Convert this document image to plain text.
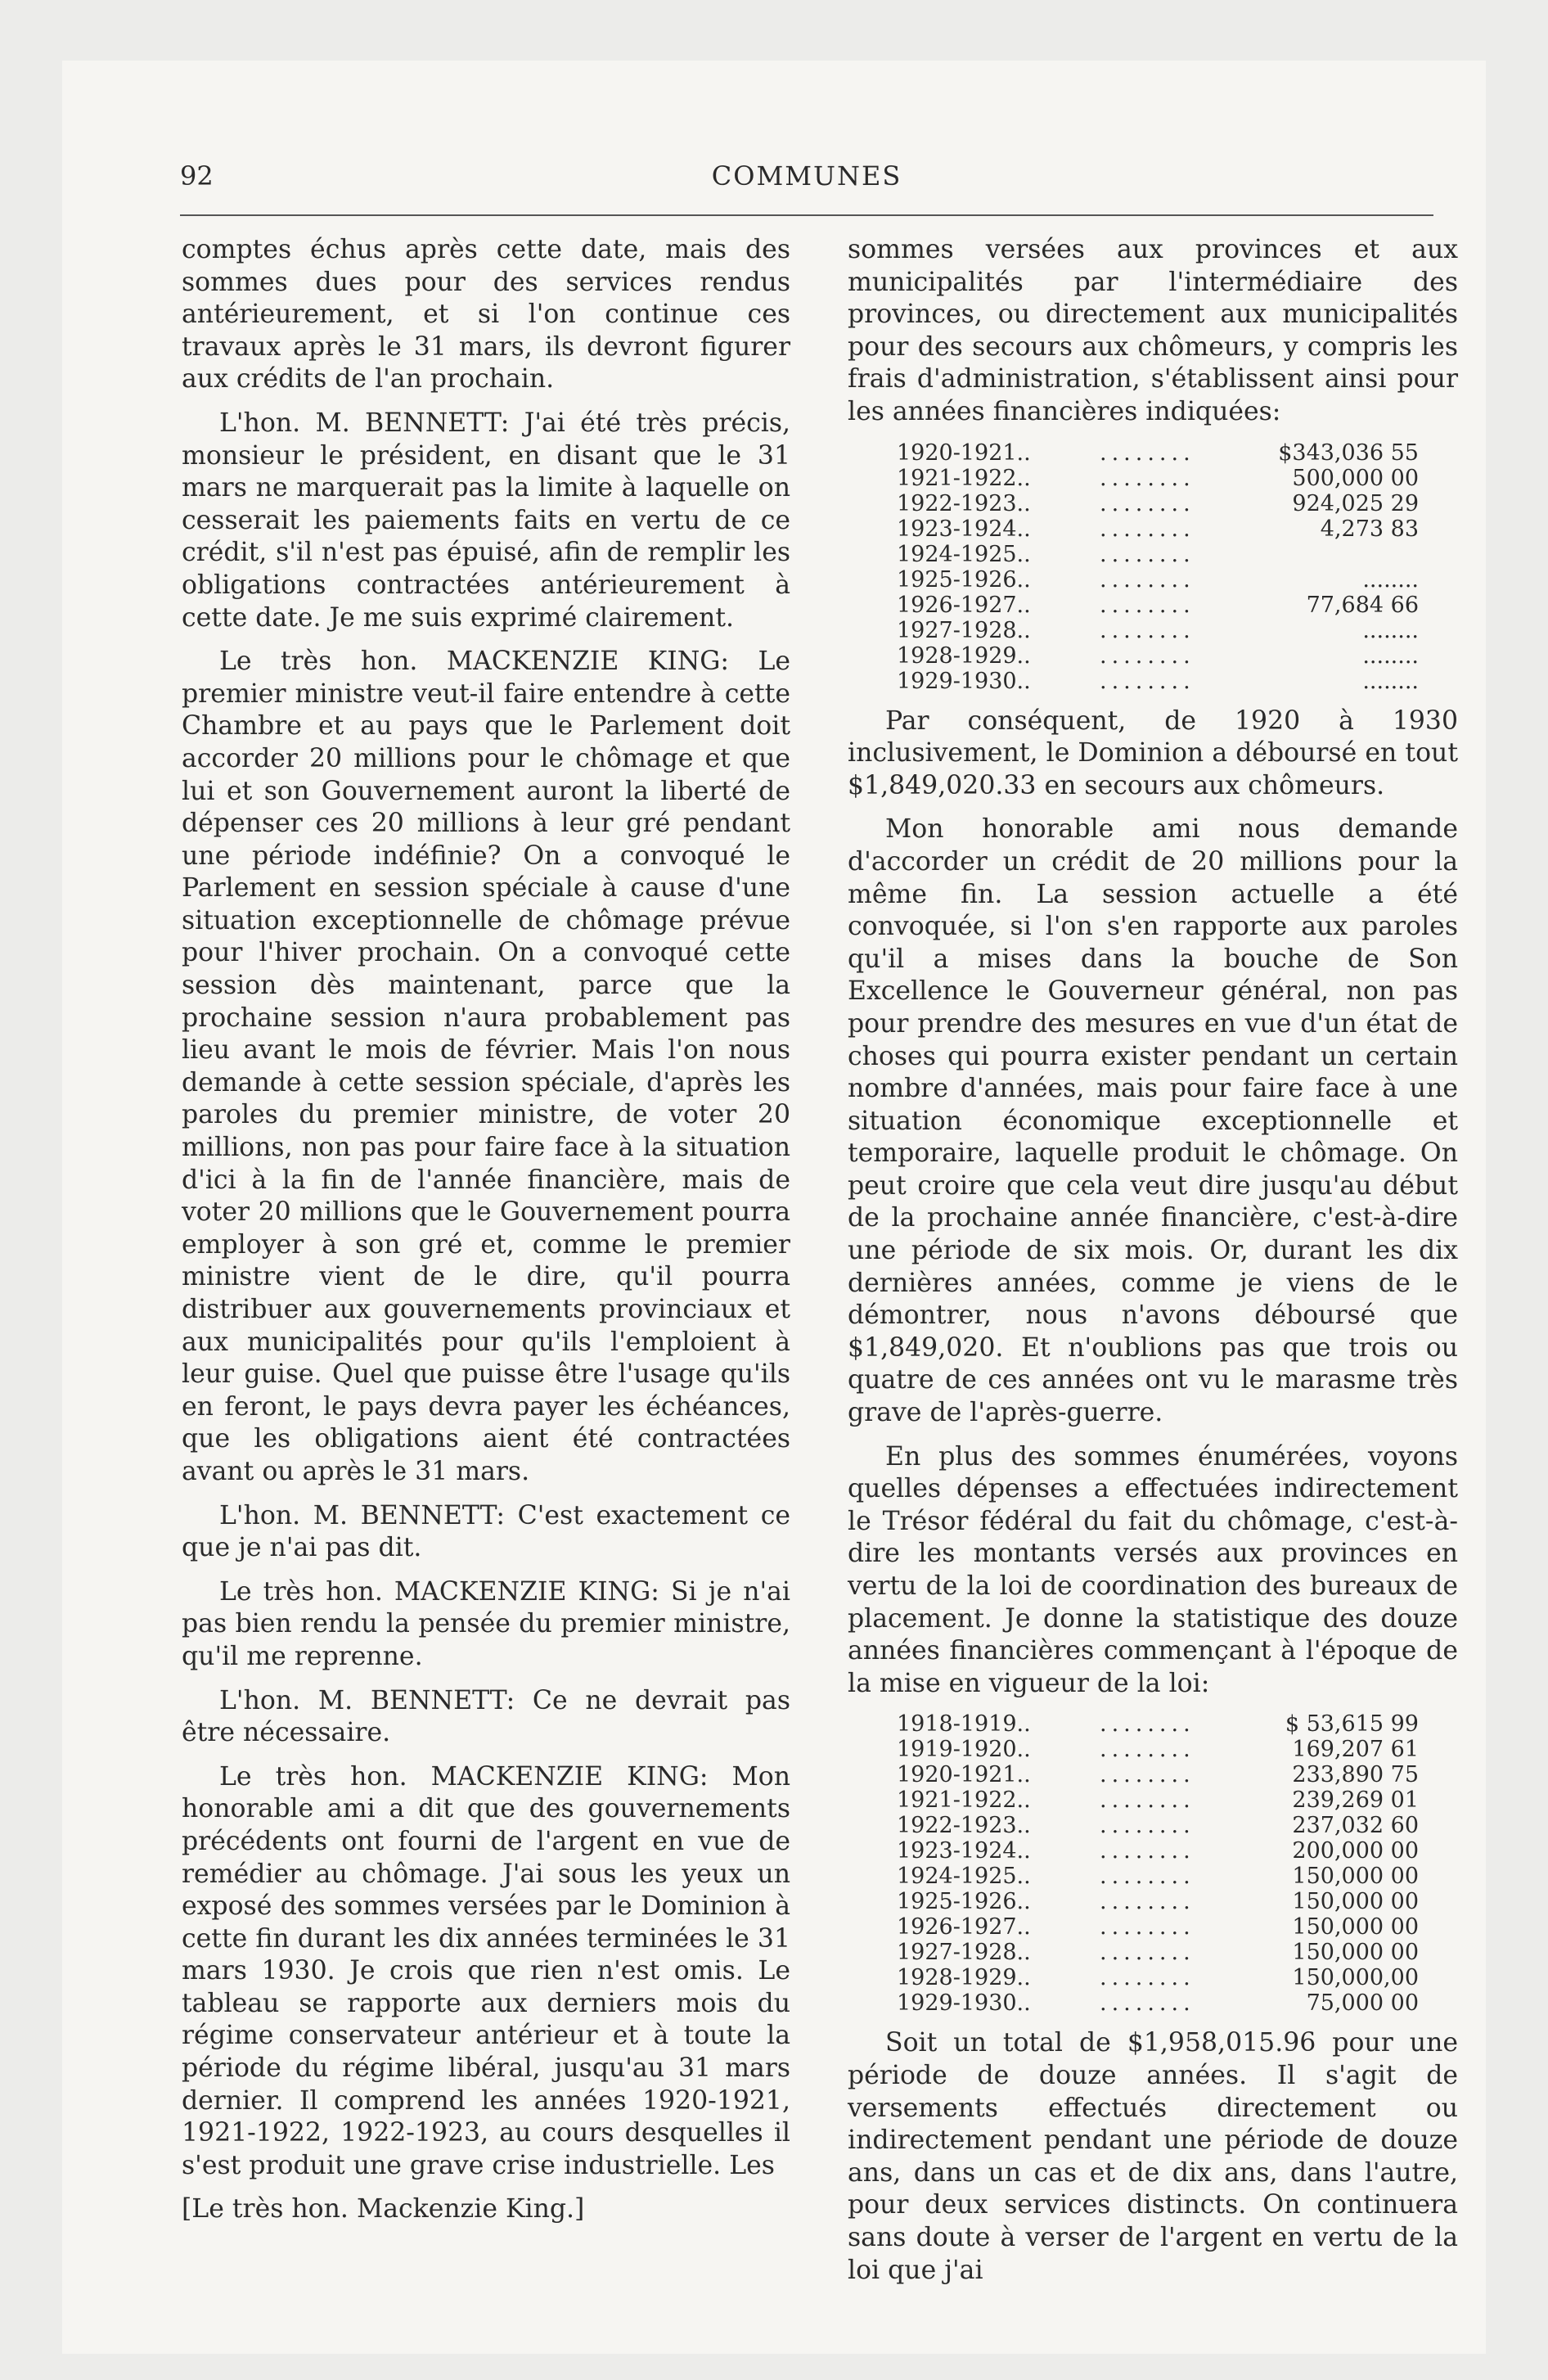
92	COMMUNES

comptes échus après cette date, mais des sommes dues pour des services rendus antérieurement, et si l'on continue ces travaux après le 31 mars, ils devront figurer aux crédits de l'an prochain.

L'hon. M. BENNETT: J'ai été très précis, monsieur le président, en disant que le 31 mars ne marquerait pas la limite à laquelle on cesserait les paiements faits en vertu de ce crédit, s'il n'est pas épuisé, afin de remplir les obligations contractées antérieurement à cette date. Je me suis exprimé clairement.

Le très hon. MACKENZIE KING: Le premier ministre veut-il faire entendre à cette Chambre et au pays que le Parlement doit accorder 20 millions pour le chômage et que lui et son Gouvernement auront la liberté de dépenser ces 20 millions à leur gré pendant une période indéfinie? On a convoqué le Parlement en session spéciale à cause d'une situation exceptionnelle de chômage prévue pour l'hiver prochain. On a convoqué cette session dès maintenant, parce que la prochaine session n'aura probablement pas lieu avant le mois de février. Mais l'on nous demande à cette session spéciale, d'après les paroles du premier ministre, de voter 20 millions, non pas pour faire face à la situation d'ici à la fin de l'année financière, mais de voter 20 millions que le Gouvernement pourra employer à son gré et, comme le premier ministre vient de le dire, qu'il pourra distribuer aux gouvernements provinciaux et aux municipalités pour qu'ils l'emploient à leur guise. Quel que puisse être l'usage qu'ils en feront, le pays devra payer les échéances, que les obligations aient été contractées avant ou après le 31 mars.

L'hon. M. BENNETT: C'est exactement ce que je n'ai pas dit.

Le très hon. MACKENZIE KING: Si je n'ai pas bien rendu la pensée du premier ministre, qu'il me reprenne.

L'hon. M. BENNETT: Ce ne devrait pas être nécessaire.

Le très hon. MACKENZIE KING: Mon honorable ami a dit que des gouvernements précédents ont fourni de l'argent en vue de remédier au chômage. J'ai sous les yeux un exposé des sommes versées par le Dominion à cette fin durant les dix années terminées le 31 mars 1930. Je crois que rien n'est omis. Le tableau se rapporte aux derniers mois du régime conservateur antérieur et à toute la période du régime libéral, jusqu'au 31 mars dernier. Il comprend les années 1920-1921, 1921-1922, 1922-1923, au cours desquelles il s'est produit une grave crise industrielle. Les

[Le très hon. Mackenzie King.]

sommes versées aux provinces et aux municipalités par l'intermédiaire des provinces, ou directement aux municipalités pour des secours aux chômeurs, y compris les frais d'administration, s'établissent ainsi pour les années financières indiquées:

1920-1921..	........	$343,036 55
1921-1922..	........	500,000 00
1922-1923..	........	924,025 29
1923-1924..	........	4,273 83
1924-1925..	........	
1925-1926..	........	........
1926-1927..	........	77,684 66
1927-1928..	........	........
1928-1929..	........	........
1929-1930..	........	........

Par conséquent, de 1920 à 1930 inclusivement, le Dominion a déboursé en tout $1,849,020.33 en secours aux chômeurs.

Mon honorable ami nous demande d'accorder un crédit de 20 millions pour la même fin. La session actuelle a été convoquée, si l'on s'en rapporte aux paroles qu'il a mises dans la bouche de Son Excellence le Gouverneur général, non pas pour prendre des mesures en vue d'un état de choses qui pourra exister pendant un certain nombre d'années, mais pour faire face à une situation économique exceptionnelle et temporaire, laquelle produit le chômage. On peut croire que cela veut dire jusqu'au début de la prochaine année financière, c'est-à-dire une période de six mois. Or, durant les dix dernières années, comme je viens de le démontrer, nous n'avons déboursé que $1,849,020. Et n'oublions pas que trois ou quatre de ces années ont vu le marasme très grave de l'après-guerre.

En plus des sommes énumérées, voyons quelles dépenses a effectuées indirectement le Trésor fédéral du fait du chômage, c'est-à-dire les montants versés aux provinces en vertu de la loi de coordination des bureaux de placement. Je donne la statistique des douze années financières commençant à l'époque de la mise en vigueur de la loi:

1918-1919..	........	$ 53,615 99
1919-1920..	........	169,207 61
1920-1921..	........	233,890 75
1921-1922..	........	239,269 01
1922-1923..	........	237,032 60
1923-1924..	........	200,000 00
1924-1925..	........	150,000 00
1925-1926..	........	150,000 00
1926-1927..	........	150,000 00
1927-1928..	........	150,000 00
1928-1929..	........	150,000,00
1929-1930..	........	75,000 00

Soit un total de $1,958,015.96 pour une période de douze années. Il s'agit de versements effectués directement ou indirectement pendant une période de douze ans, dans un cas et de dix ans, dans l'autre, pour deux services distincts. On continuera sans doute à verser de l'argent en vertu de la loi que j'ai
